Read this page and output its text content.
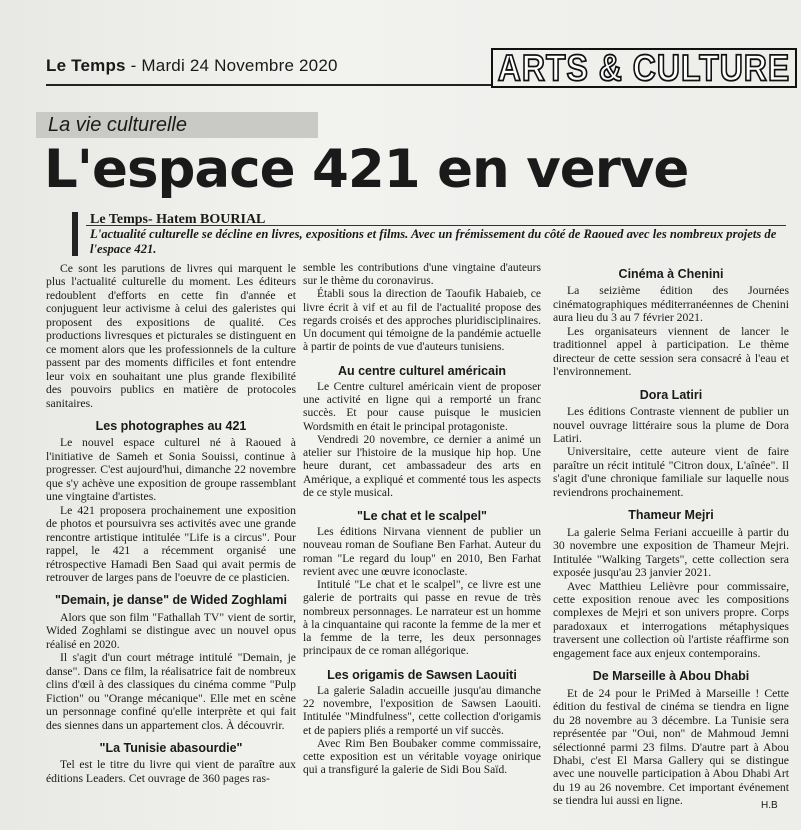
Le Temps - Mardi 24 Novembre 2020	ARTS & CULTURE
La vie culturelle
L'espace 421 en verve
Le Temps- Hatem BOURIAL
L'actualité culturelle se décline en livres, expositions et films. Avec un frémissement du côté de Raoued avec les nombreux projets de l'espace 421.

Ce sont les parutions de livres qui marquent le plus l'actualité culturelle du moment. Les éditeurs redoublent d'efforts en cette fin d'année et conjuguent leur activisme à celui des galeristes qui proposent des expositions de qualité. Ces productions livresques et picturales se distinguent en ce moment alors que les professionnels de la culture passent par des moments difficiles et font entendre leur voix en souhaitant une plus grande flexibilité des pouvoirs publics en matière de protocoles sanitaires.

Les photographes au 421

Le nouvel espace culturel né à Raoued à l'initiative de Sameh et Sonia Souissi, continue à progresser. C'est aujourd'hui, dimanche 22 novembre que s'y achève une exposition de groupe rassemblant une vingtaine d'artistes.

Le 421 proposera prochainement une exposition de photos et poursuivra ses activités avec une grande rencontre artistique intitulée "Life is a circus". Pour rappel, le 421 a récemment organisé une rétrospective Hamadi Ben Saad qui avait permis de retrouver de larges pans de l'oeuvre de ce plasticien.

"Demain, je danse" de Wided Zoghlami

Alors que son film "Fathallah TV" vient de sortir, Wided Zoghlami se distingue avec un nouvel opus réalisé en 2020.

Il s'agit d'un court métrage intitulé "Demain, je danse". Dans ce film, la réalisatrice fait de nombreux clins d'œil à des classiques du cinéma comme "Pulp Fiction" ou "Orange mécanique". Elle met en scène un personnage confiné qu'elle interprète et qui fait des siennes dans un appartement clos. À découvrir.

"La Tunisie abasourdie"

Tel est le titre du livre qui vient de paraître aux éditions Leaders. Cet ouvrage de 360 pages ras-

semble les contributions d'une vingtaine d'auteurs sur le thème du coronavirus.

Établi sous la direction de Taoufik Habaieb, ce livre écrit à vif et au fil de l'actualité propose des regards croisés et des approches pluridisciplinaires. Un document qui témoigne de la pandémie actuelle à partir de points de vue d'auteurs tunisiens.

Au centre culturel américain

Le Centre culturel américain vient de proposer une activité en ligne qui a remporté un franc succès. Et pour cause puisque le musicien Wordsmith en était le principal protagoniste.

Vendredi 20 novembre, ce dernier a animé un atelier sur l'histoire de la musique hip hop. Une heure durant, cet ambassadeur des arts en Amérique, a expliqué et commenté tous les aspects de ce style musical.

"Le chat et le scalpel"

Les éditions Nirvana viennent de publier un nouveau roman de Soufiane Ben Farhat. Auteur du roman "Le regard du loup" en 2010, Ben Farhat revient avec une œuvre iconoclaste.

Intitulé "Le chat et le scalpel", ce livre est une galerie de portraits qui passe en revue de très nombreux personnages. Le narrateur est un homme à la cinquantaine qui raconte la femme de la mer et la femme de la terre, les deux personnages principaux de ce roman allégorique.

Les origamis de Sawsen Laouiti

La galerie Saladin accueille jusqu'au dimanche 22 novembre, l'exposition de Sawsen Laouiti. Intitulée "Mindfulness", cette collection d'origamis et de papiers pliés a remporté un vif succès.

Avec Rim Ben Boubaker comme commissaire, cette exposition est un véritable voyage onirique qui a transfiguré la galerie de Sidi Bou Saïd.

Cinéma à Chenini

La seizième édition des Journées cinématographiques méditerranéennes de Chenini aura lieu du 3 au 7 février 2021.

Les organisateurs viennent de lancer le traditionnel appel à participation. Le thème directeur de cette session sera consacré à l'eau et l'environnement.

Dora Latiri

Les éditions Contraste viennent de publier un nouvel ouvrage littéraire sous la plume de Dora Latiri.

Universitaire, cette auteure vient de faire paraître un récit intitulé "Citron doux, L'aînée". Il s'agit d'une chronique familiale sur laquelle nous reviendrons prochainement.

Thameur Mejri

La galerie Selma Feriani accueille à partir du 30 novembre une exposition de Thameur Mejri. Intitulée "Walking Targets", cette collection sera exposée jusqu'au 23 janvier 2021.

Avec Matthieu Lelièvre pour commissaire, cette exposition renoue avec les compositions complexes de Mejri et son univers propre. Corps paradoxaux et interrogations métaphysiques traversent une collection où l'artiste réaffirme son engagement face aux enjeux contemporains.

De Marseille à Abou Dhabi

Et de 24 pour le PriMed à Marseille ! Cette édition du festival de cinéma se tiendra en ligne du 28 novembre au 3 décembre. La Tunisie sera représentée par "Oui, non" de Mahmoud Jemni sélectionné parmi 23 films. D'autre part à Abou Dhabi, c'est El Marsa Gallery qui se distingue avec une nouvelle participation à Abou Dhabi Art du 19 au 26 novembre. Cet important événement se tiendra lui aussi en ligne.	H.B
